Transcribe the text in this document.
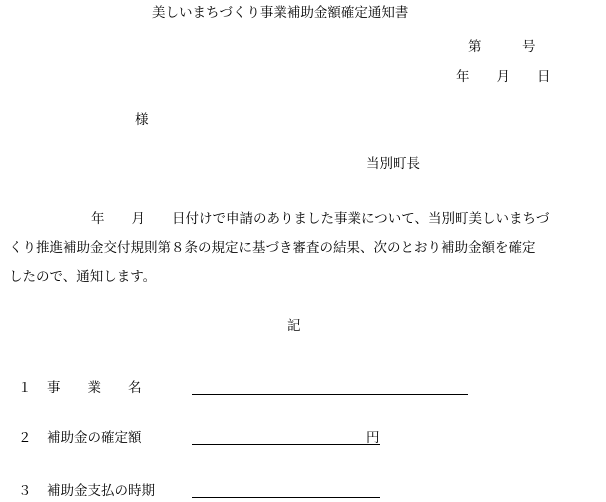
美しいまちづくり事業補助金額確定通知書
第　　　号
年　　月　　日
様
当別町長
　　年　　月　　日付けで申請のありました事業について、当別町美しいまちづ
くり推進補助金交付規則第８条の規定に基づき審査の結果、次のとおり補助金額を確定
したので、通知します。
記
１ 事　　業　　名
２ 補助金の確定額	円
３ 補助金支払の時期
